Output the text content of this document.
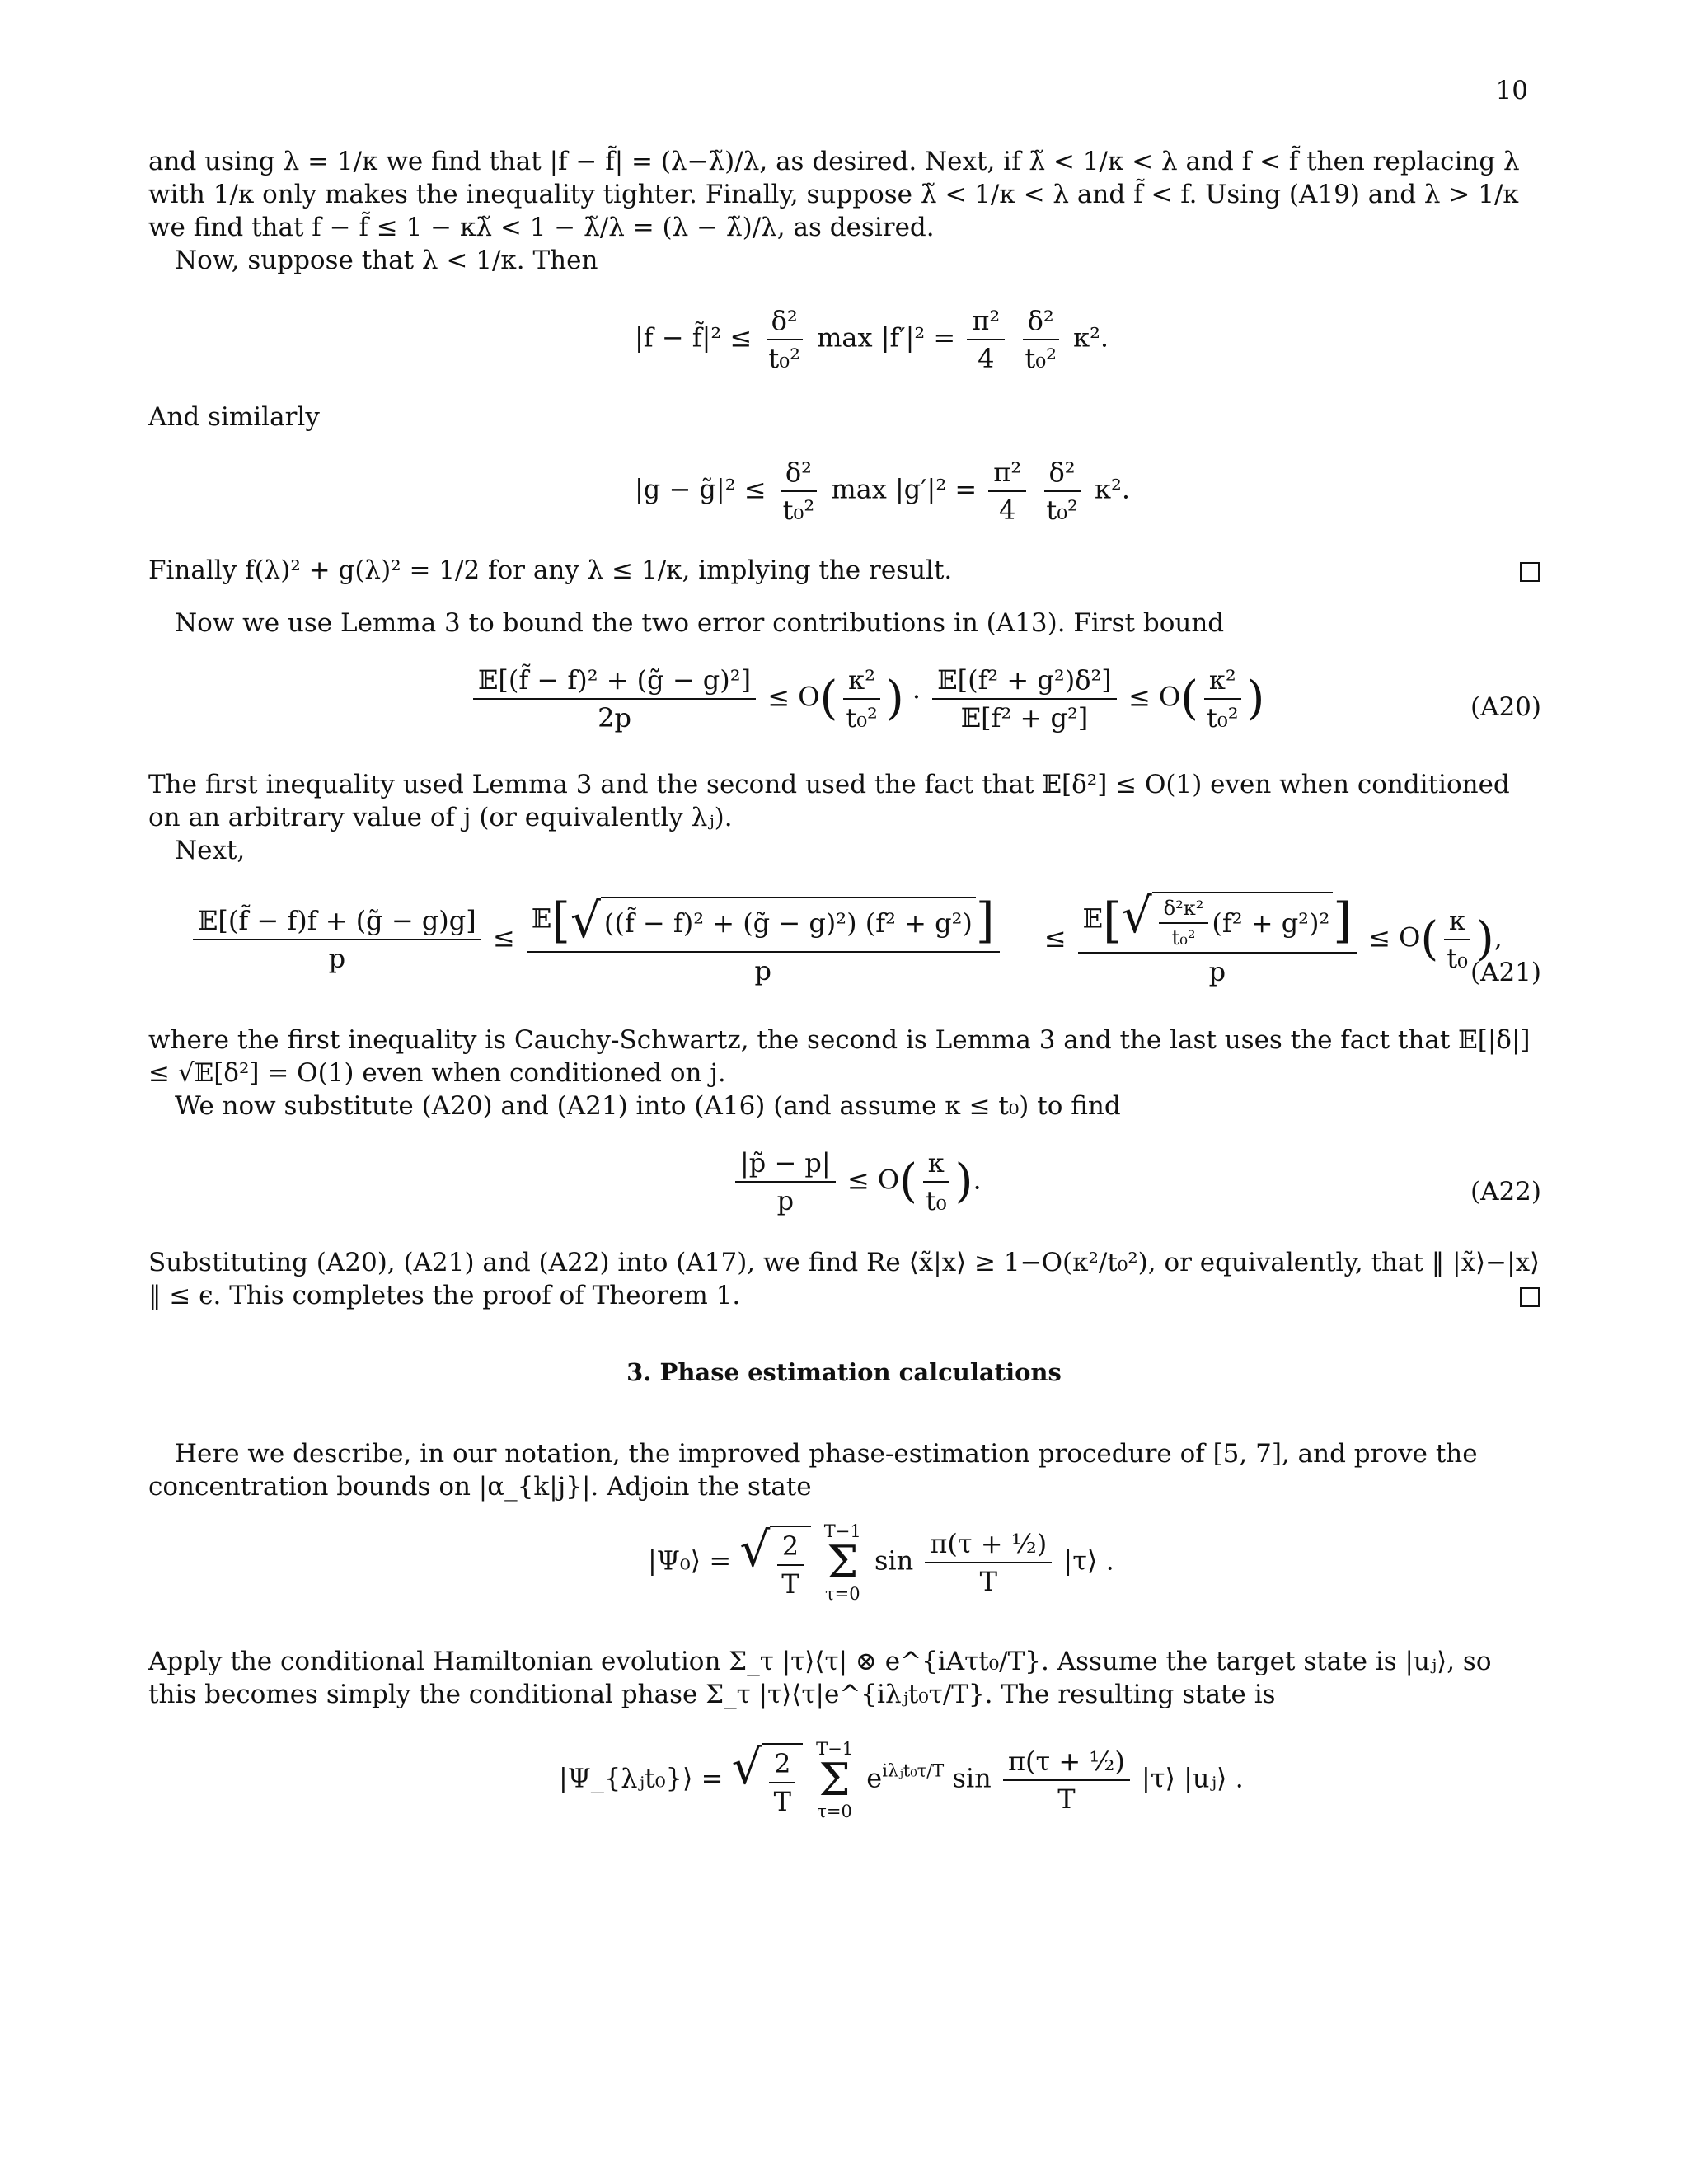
10
and using λ = 1/κ we find that |f − f̃| = (λ−λ̃)/λ, as desired. Next, if λ̃ < 1/κ < λ and f < f̃ then replacing λ with 1/κ only makes the inequality tighter. Finally, suppose λ̃ < 1/κ < λ and f̃ < f. Using (A19) and λ > 1/κ we find that f − f̃ ≤ 1 − κλ̃ < 1 − λ̃/λ = (λ − λ̃)/λ, as desired.
Now, suppose that λ < 1/κ. Then
|f − f̃|² ≤ $\frac{\text{δ²}}{\text{t₀²}}$ $\max |f'|^2 = \frac{\text{π²}}{4}$
$\frac{\text{δ²}}{\text{t₀²}} \kappa^2$.
And similarly
|g − g̃|² ≤ $\frac{\text{δ²}}{\text{t₀²}}$ $\max |g'|^2 = \frac{\text{π²}}{4}$
$\frac{\text{δ²}}{\text{t₀²}} \kappa^2$.
Finally f(λ)² + g(λ)² = 1/2 for any λ ≤ 1/κ, implying the result.
Now we use Lemma 3 to bound the two error contributions in (A13). First bound
$\frac{\text{𝔼[(f̃ − f)² + (g̃ − g)²]}}{2p} \le O( \frac{\text{κ²}}{\text{t₀²}}$ ) · $\frac{\text{𝔼[(f² + g²)δ²]}}{\text{𝔼[f² + g²]}} \le O( \frac{\text{κ²}}{\text{t₀²}}$ )	(A20)
The first inequality used Lemma 3 and the second used the fact that 𝔼[δ²] ≤ O(1) even when conditioned on an arbitrary value of j (or equivalently λⱼ).
Next,
$\frac{\text{𝔼[(f̃ − f)f + (g̃ − g)g]}}{p} \le \frac{\text{𝔼[ √ ((f̃ − f)² + (g̃ − g)²) (f² + g²) ]}}{p} \le \frac{𝔼[ √ \frac{\text{δ²κ²}}{\text{t₀²}} (f^2 + g^2)^2 ]}{p} \le O( \frac{\kappa}{\text{t₀}}$ ),
(A21)
where the first inequality is Cauchy-Schwartz, the second is Lemma 3 and the last uses the fact that 𝔼[|δ|] ≤ √𝔼[δ²] = O(1) even when conditioned on j.
We now substitute (A20) and (A21) into (A16) (and assume κ ≤ t₀) to find
$\frac{|p̃ - p|}{p} \le O( \frac{\kappa}{\text{t₀}}$ ).	(A22)
Substituting (A20), (A21) and (A22) into (A17), we find Re ⟨x̃|x⟩ ≥ 1−O(κ²/t₀²), or equivalently, that ‖ |x̃⟩−|x⟩ ‖ ≤ ϵ. This completes the proof of Theorem 1.
3. Phase estimation calculations
Here we describe, in our notation, the improved phase-estimation procedure of [5, 7], and prove the concentration bounds on |α_{k|j}|. Adjoin the state
|Ψ₀⟩ = √ $\frac{2}{T}$
T−1
Σ
τ=0
$\sin \frac{\text{π(τ + ½)}}{T}$ |τ⟩ .
Apply the conditional Hamiltonian evolution Σ_τ |τ⟩⟨τ| ⊗ e^{iAτt₀/T}. Assume the target state is |uⱼ⟩, so this becomes simply the conditional phase Σ_τ |τ⟩⟨τ|e^{iλⱼt₀τ/T}. The resulting state is
|Ψ_{λⱼt₀}⟩ = √ $\frac{2}{T}$
T−1
Σ
τ=0
$e^{i\lambda ⱼt_0\tau/T}$ $\sin \frac{\text{π(τ + ½)}}{T}$ |τ⟩ |uⱼ⟩ .
